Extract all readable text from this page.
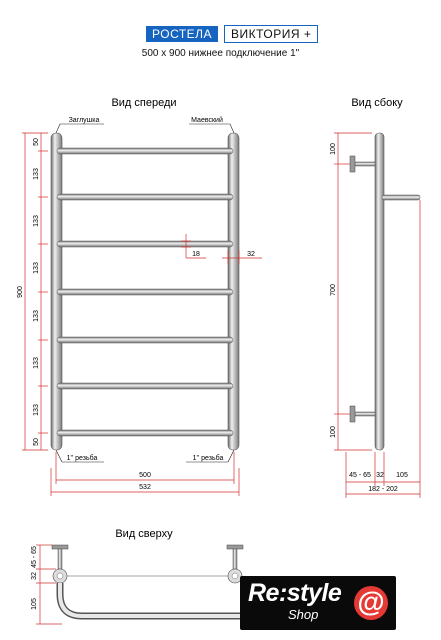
РОСТЕЛА	ВИКТОРИЯ +
500 x 900 нижнее подключение 1"
Вид спереди
Заглушка	Маевский
900
50
133
133
133
133
133
133
50
18	32
1'' резьба	1'' резьба
500
532
Вид сбоку
100
700
100
45 - 65 32 105
182 - 202
Вид сверху
32
45 - 65
105	Re:style
Shop @
